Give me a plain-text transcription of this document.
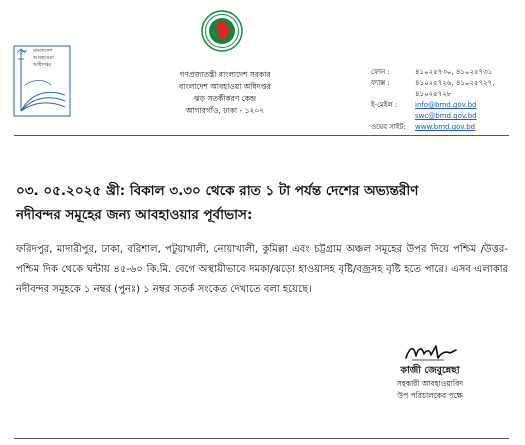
বাংলাদেশ
আবহাওয়া
অধিদপ্তর
গণপ্রজাতন্ত্রী বাংলাদেশ সরকার
বাংলাদেশ আবহাওয়া অধিদপ্তর
ঝড় সতর্কীকরণ কেন্দ্র
আগারগাঁও, ঢাকা - ১২০৭
ফোন :	৪১০২৫৭৩০, ৪১০২৫৭৩১
ফ্যাক্স :	৪১০২৫৭২৬, ৪১০২৫৭২৭,
৪১০২৫৭২৮
ই-মেইল :	info@bmd.gov.bd
swc@bmd.gov.bd
ওয়েব সাইট:	www.bmd.gov.bd
০৩. ০৫.২০২৫ খ্রী: বিকাল ৩.৩০ থেকে রাত ১ টা পর্যন্ত দেশের অভ্যন্তরীণ
নদীবন্দর সমূহের জন্য আবহাওয়ার পূর্বাভাস:
ফরিদপুর, মাদারীপুর, ঢাকা, বরিশাল, পটুয়াখালী, নোয়াখালী, কুমিল্লা এবং চট্টগ্রাম অঞ্চল সমূহের উপর দিয়ে পশ্চিম /উত্তর-পশ্চিম দিক থেকে ঘন্টায় ৪৫-৬০ কি.মি. বেগে অস্থায়ীভাবে দমকা/ঝড়ো হাওয়াসহ বৃষ্টি/বজ্রসহ বৃষ্টি হতে পারে। এসব এলাকার নদীবন্দর সমূহকে ১ নম্বর (পুনঃ) ১ নম্বর সতর্ক সংকেত দেখাতে বলা হয়েছে।
কাজী জেবুন্নেছা
সহকারী আবহাওয়াবিদ
উপ পরিচালকের পক্ষে
